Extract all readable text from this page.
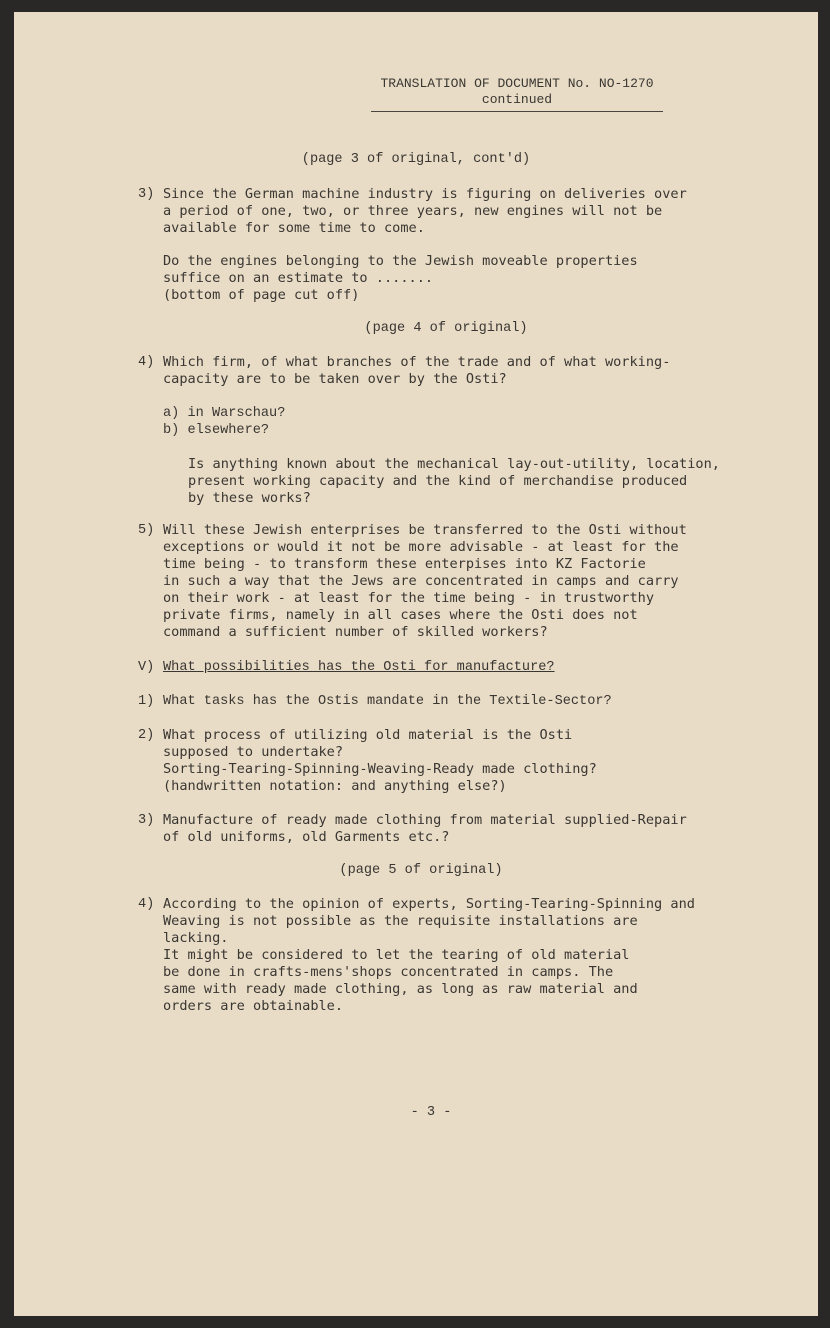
TRANSLATION OF DOCUMENT No. NO-1270
continued
(page 3 of original, cont'd)
3) Since the German machine industry is figuring on deliveries over
a period of one, two, or three years, new engines will not be
available for some time to come.
Do the engines belonging to the Jewish moveable properties
suffice on an estimate to .......
(bottom of page cut off)
(page 4 of original)
4) Which firm, of what branches of the trade and of what working-
capacity are to be taken over by the Osti?
a) in Warschau?
b) elsewhere?
Is anything known about the mechanical lay-out-utility, location,
present working capacity and the kind of merchandise produced
by these works?
5) Will these Jewish enterprises be transferred to the Osti without
exceptions or would it not be more advisable - at least for the
time being - to transform these enterpises into KZ Factorie
in such a way that the Jews are concentrated in camps and carry
on their work - at least for the time being - in trustworthy
private firms, namely in all cases where the Osti does not
command a sufficient number of skilled workers?
V) What possibilities has the Osti for manufacture?
1) What tasks has the Ostis mandate in the Textile-Sector?
2) What process of utilizing old material is the Osti
supposed to undertake?
Sorting-Tearing-Spinning-Weaving-Ready made clothing?
(handwritten notation: and anything else?)
3) Manufacture of ready made clothing from material supplied-Repair
of old uniforms, old Garments etc.?
(page 5 of original)
4) According to the opinion of experts, Sorting-Tearing-Spinning and
Weaving is not possible as the requisite installations are
lacking.
It might be considered to let the tearing of old material
be done in crafts-mens'shops concentrated in camps. The
same with ready made clothing, as long as raw material and
orders are obtainable.
- 3 -
